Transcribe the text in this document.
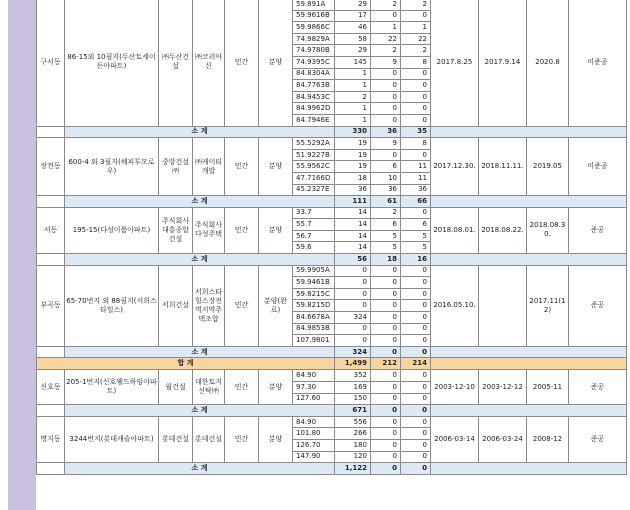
구서동	86-15외 10필지(두산토세이든아파트)	㈜두산건설	㈜코리아신	민간	분양	59.891A	29	2	2	2017.8.25	2017.9.14	2020.8	미준공
						59.9616B	17	0	0				
						59.9866C	46	1	1				
						74.9829A	58	22	22				
						74.9780B	29	2	2				
						74.9395C	145	9	8				
						84.8304A	1	0	0				
						84.7763B	1	0	0				
						84.9453C	2	0	0				
						84.9962D	1	0	0				
						84.7946E	1	0	0				
	소 계						330	36	35				
장전동	600-4 외 3필지(해피투모로우)	중앙건설㈜	㈜케이티개발	민간	분양	55.5292A	19	9	8	2017.12.30.	2018.11.11.	2019.05	미준공
						51.9227B	19	0	0				
						55.9562C	19	6	11				
						47.7166D	18	10	11				
						45.2327E	36	36	36				
	소 계						111	61	66				
서동	195-15(다성이룸아파트)	주식회사대흥종합건설	주식회사다성주택	민간	분양	33.7	14	2	0	2018.08.01.	2018.08.22.	2018.08.30.	준공
						55.7	14	6	6				
						56.7	14	5	5				
						59.6	14	5	5				
	소 계						56	18	16				
부곡동	65-70번지 외 88필지(서희스타힐스)	서희건설	서희스타힐스장전역지역주택조합	민간	분양(완료)	59.9905A	0	0	0	2016.05.10.		2017.11(12)	준공
						59.9461B	0	0	0				
						59.8215C	0	0	0				
						59.8215D	0	0	0				
						84.6678A	324	0	0				
						84.9853B	0	0	0				
						107.9801	0	0	0				
	소 계						324	0	0				
합 계							1,499	212	214				
신호동	205-1번지(신호웰드하임아파트)	월건설	대한토지신탁㈜	민간	분양	84.90	352	0	0	2003-12-10	2003-12-12	2005-11	준공
						97.30	169	0	0				
						127.60	150	0	0				
	소 계						671	0	0				
명지동	3244번지(롯데캐슬아파트)	롯데건설	롯데건설	민간	분양	84.90	556	0	0	2006-03-14	2006-03-24	2008-12	준공
						101.80	266	0	0				
						126.70	180	0	0				
						147.90	120	0	0				
	소 계						1,122	0	0				
